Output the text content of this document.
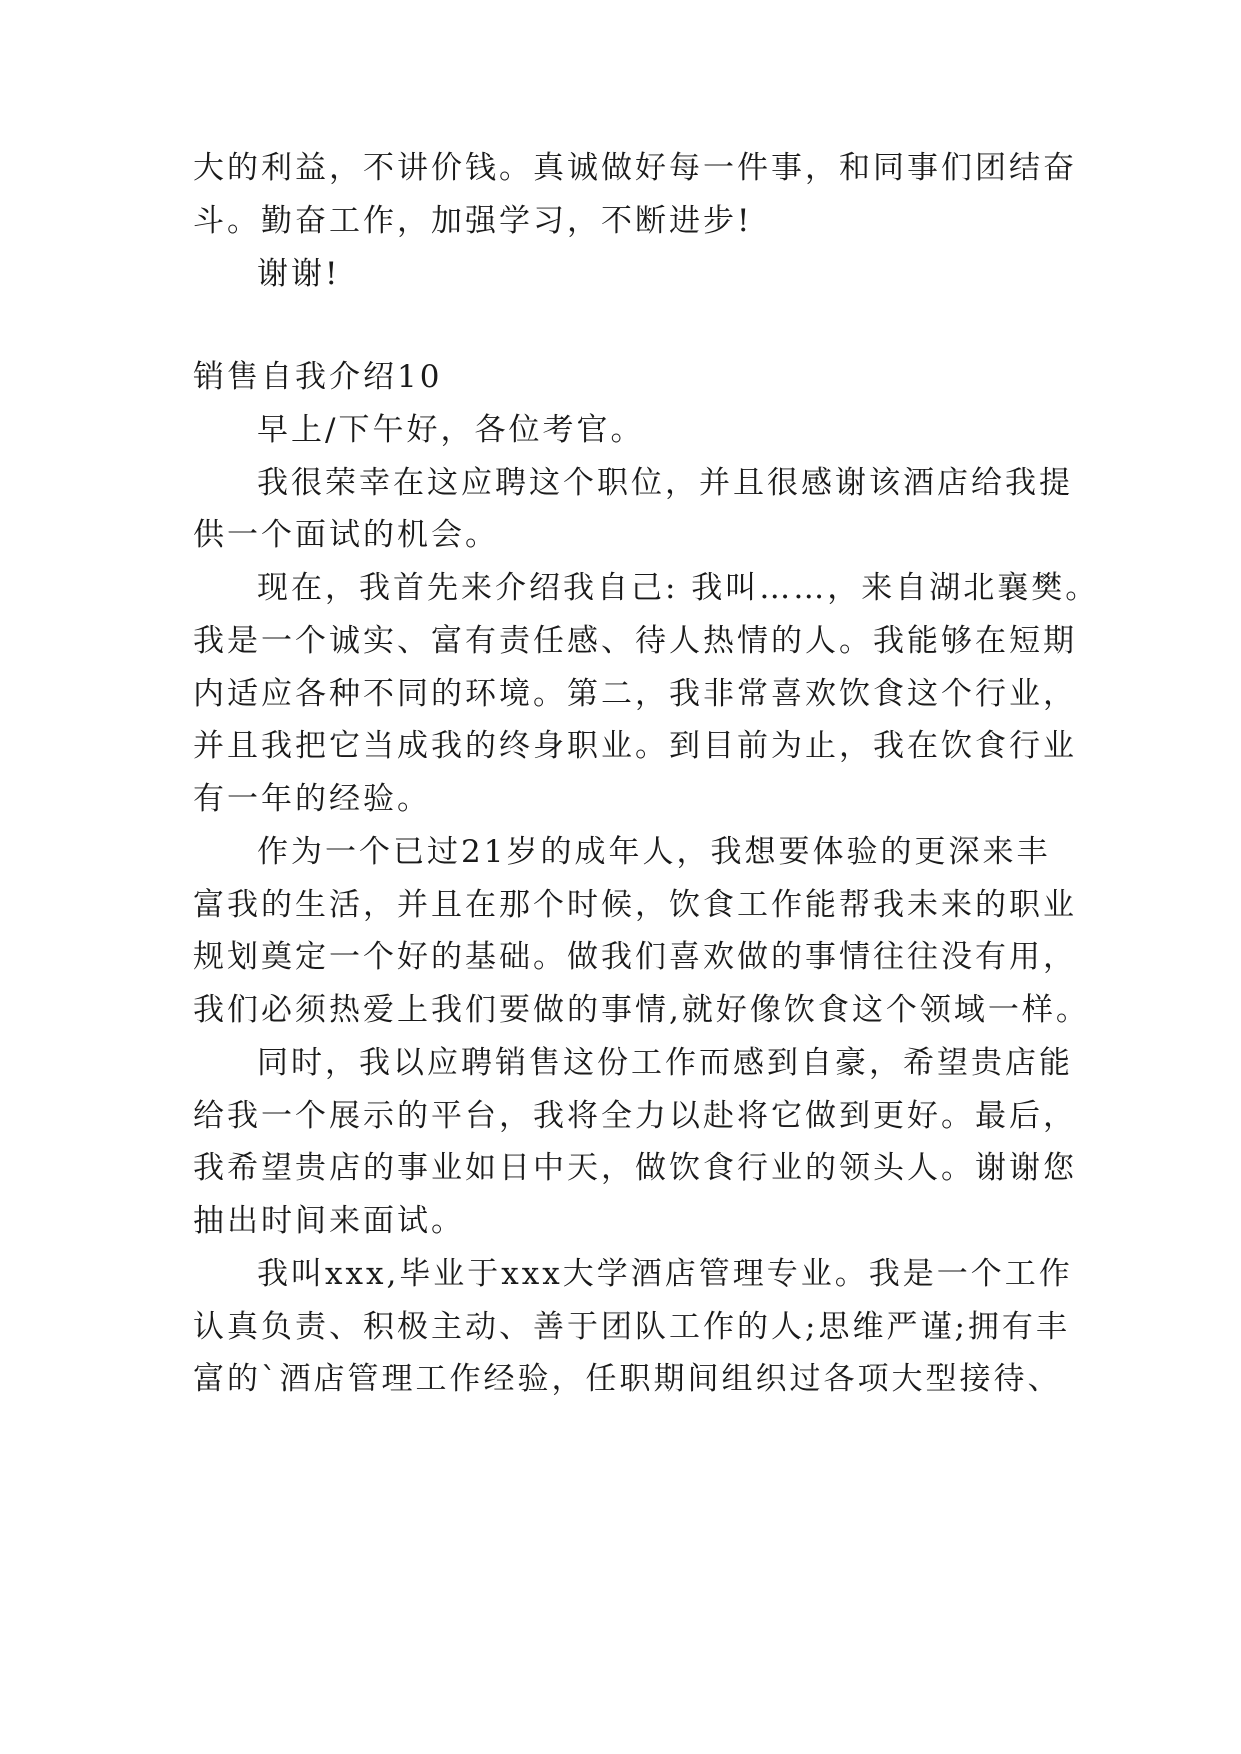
大的利益，不讲价钱。真诚做好每一件事，和同事们团结奋
斗。勤奋工作，加强学习，不断进步!
谢谢!
销售自我介绍10
早上/下午好，各位考官。
我很荣幸在这应聘这个职位，并且很感谢该酒店给我提
供一个面试的机会。
现在，我首先来介绍我自己: 我叫……，来自湖北襄樊。
我是一个诚实、富有责任感、待人热情的人。我能够在短期
内适应各种不同的环境。第二，我非常喜欢饮食这个行业，
并且我把它当成我的终身职业。到目前为止，我在饮食行业
有一年的经验。
作为一个已过21岁的成年人，我想要体验的更深来丰
富我的生活，并且在那个时候，饮食工作能帮我未来的职业
规划奠定一个好的基础。做我们喜欢做的事情往往没有用，
我们必须热爱上我们要做的事情,就好像饮食这个领域一样。
同时，我以应聘销售这份工作而感到自豪，希望贵店能
给我一个展示的平台，我将全力以赴将它做到更好。最后，
我希望贵店的事业如日中天，做饮食行业的领头人。谢谢您
抽出时间来面试。
我叫xxx,毕业于xxx大学酒店管理专业。我是一个工作
认真负责、积极主动、善于团队工作的人;思维严谨;拥有丰
富的`酒店管理工作经验，任职期间组织过各项大型接待、
